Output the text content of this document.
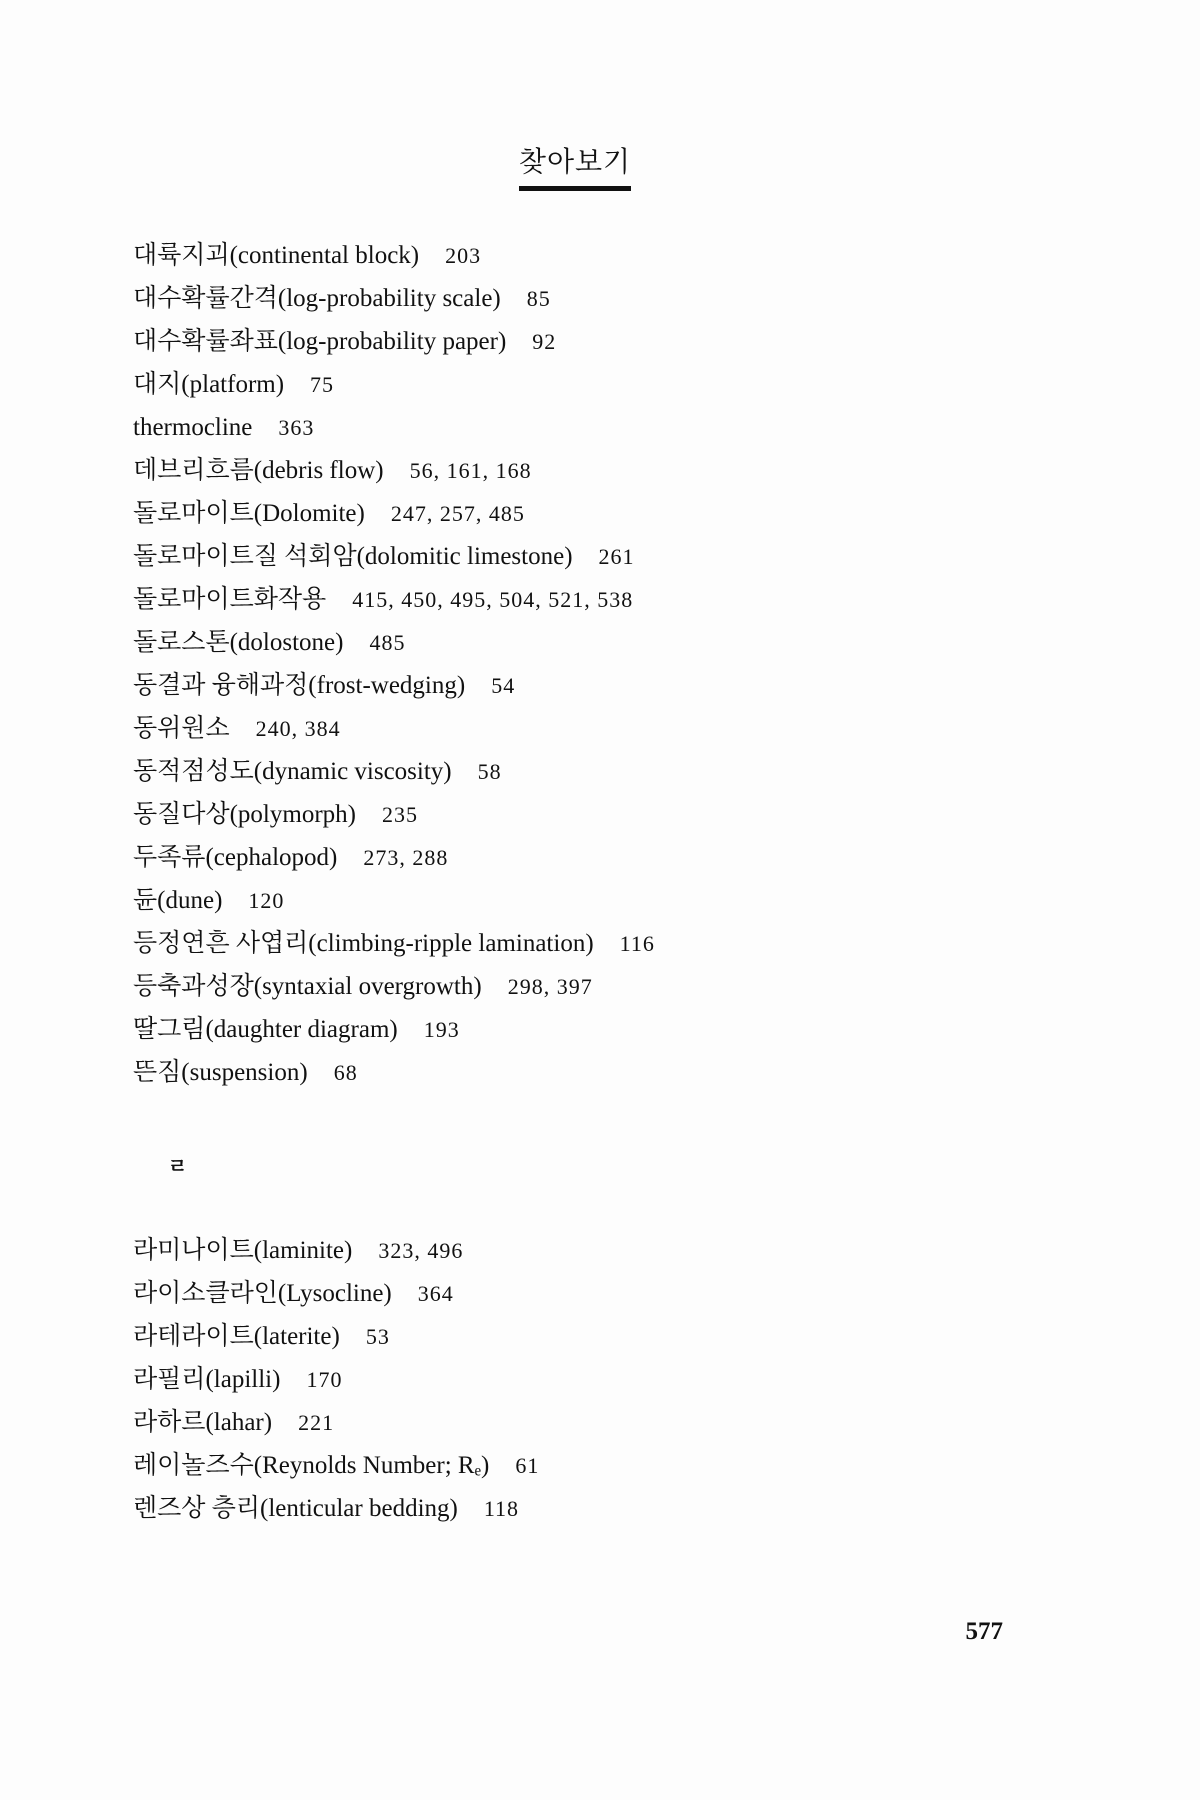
찾아보기
대륙지괴(continental block) 203
대수확률간격(log-probability scale) 85
대수확률좌표(log-probability paper) 92
대지(platform) 75
thermocline 363
데브리흐름(debris flow) 56, 161, 168
돌로마이트(Dolomite) 247, 257, 485
돌로마이트질 석회암(dolomitic limestone) 261
돌로마이트화작용 415, 450, 495, 504, 521, 538
돌로스톤(dolostone) 485
동결과 융해과정(frost-wedging) 54
동위원소 240, 384
동적점성도(dynamic viscosity) 58
동질다상(polymorph) 235
두족류(cephalopod) 273, 288
듄(dune) 120
등정연흔 사엽리(climbing-ripple lamination) 116
등축과성장(syntaxial overgrowth) 298, 397
딸그림(daughter diagram) 193
뜬짐(suspension) 68
ㄹ
라미나이트(laminite) 323, 496
라이소클라인(Lysocline) 364
라테라이트(laterite) 53
라필리(lapilli) 170
라하르(lahar) 221
레이놀즈수(Reynolds Number; Rₑ) 61
렌즈상 층리(lenticular bedding) 118
577
